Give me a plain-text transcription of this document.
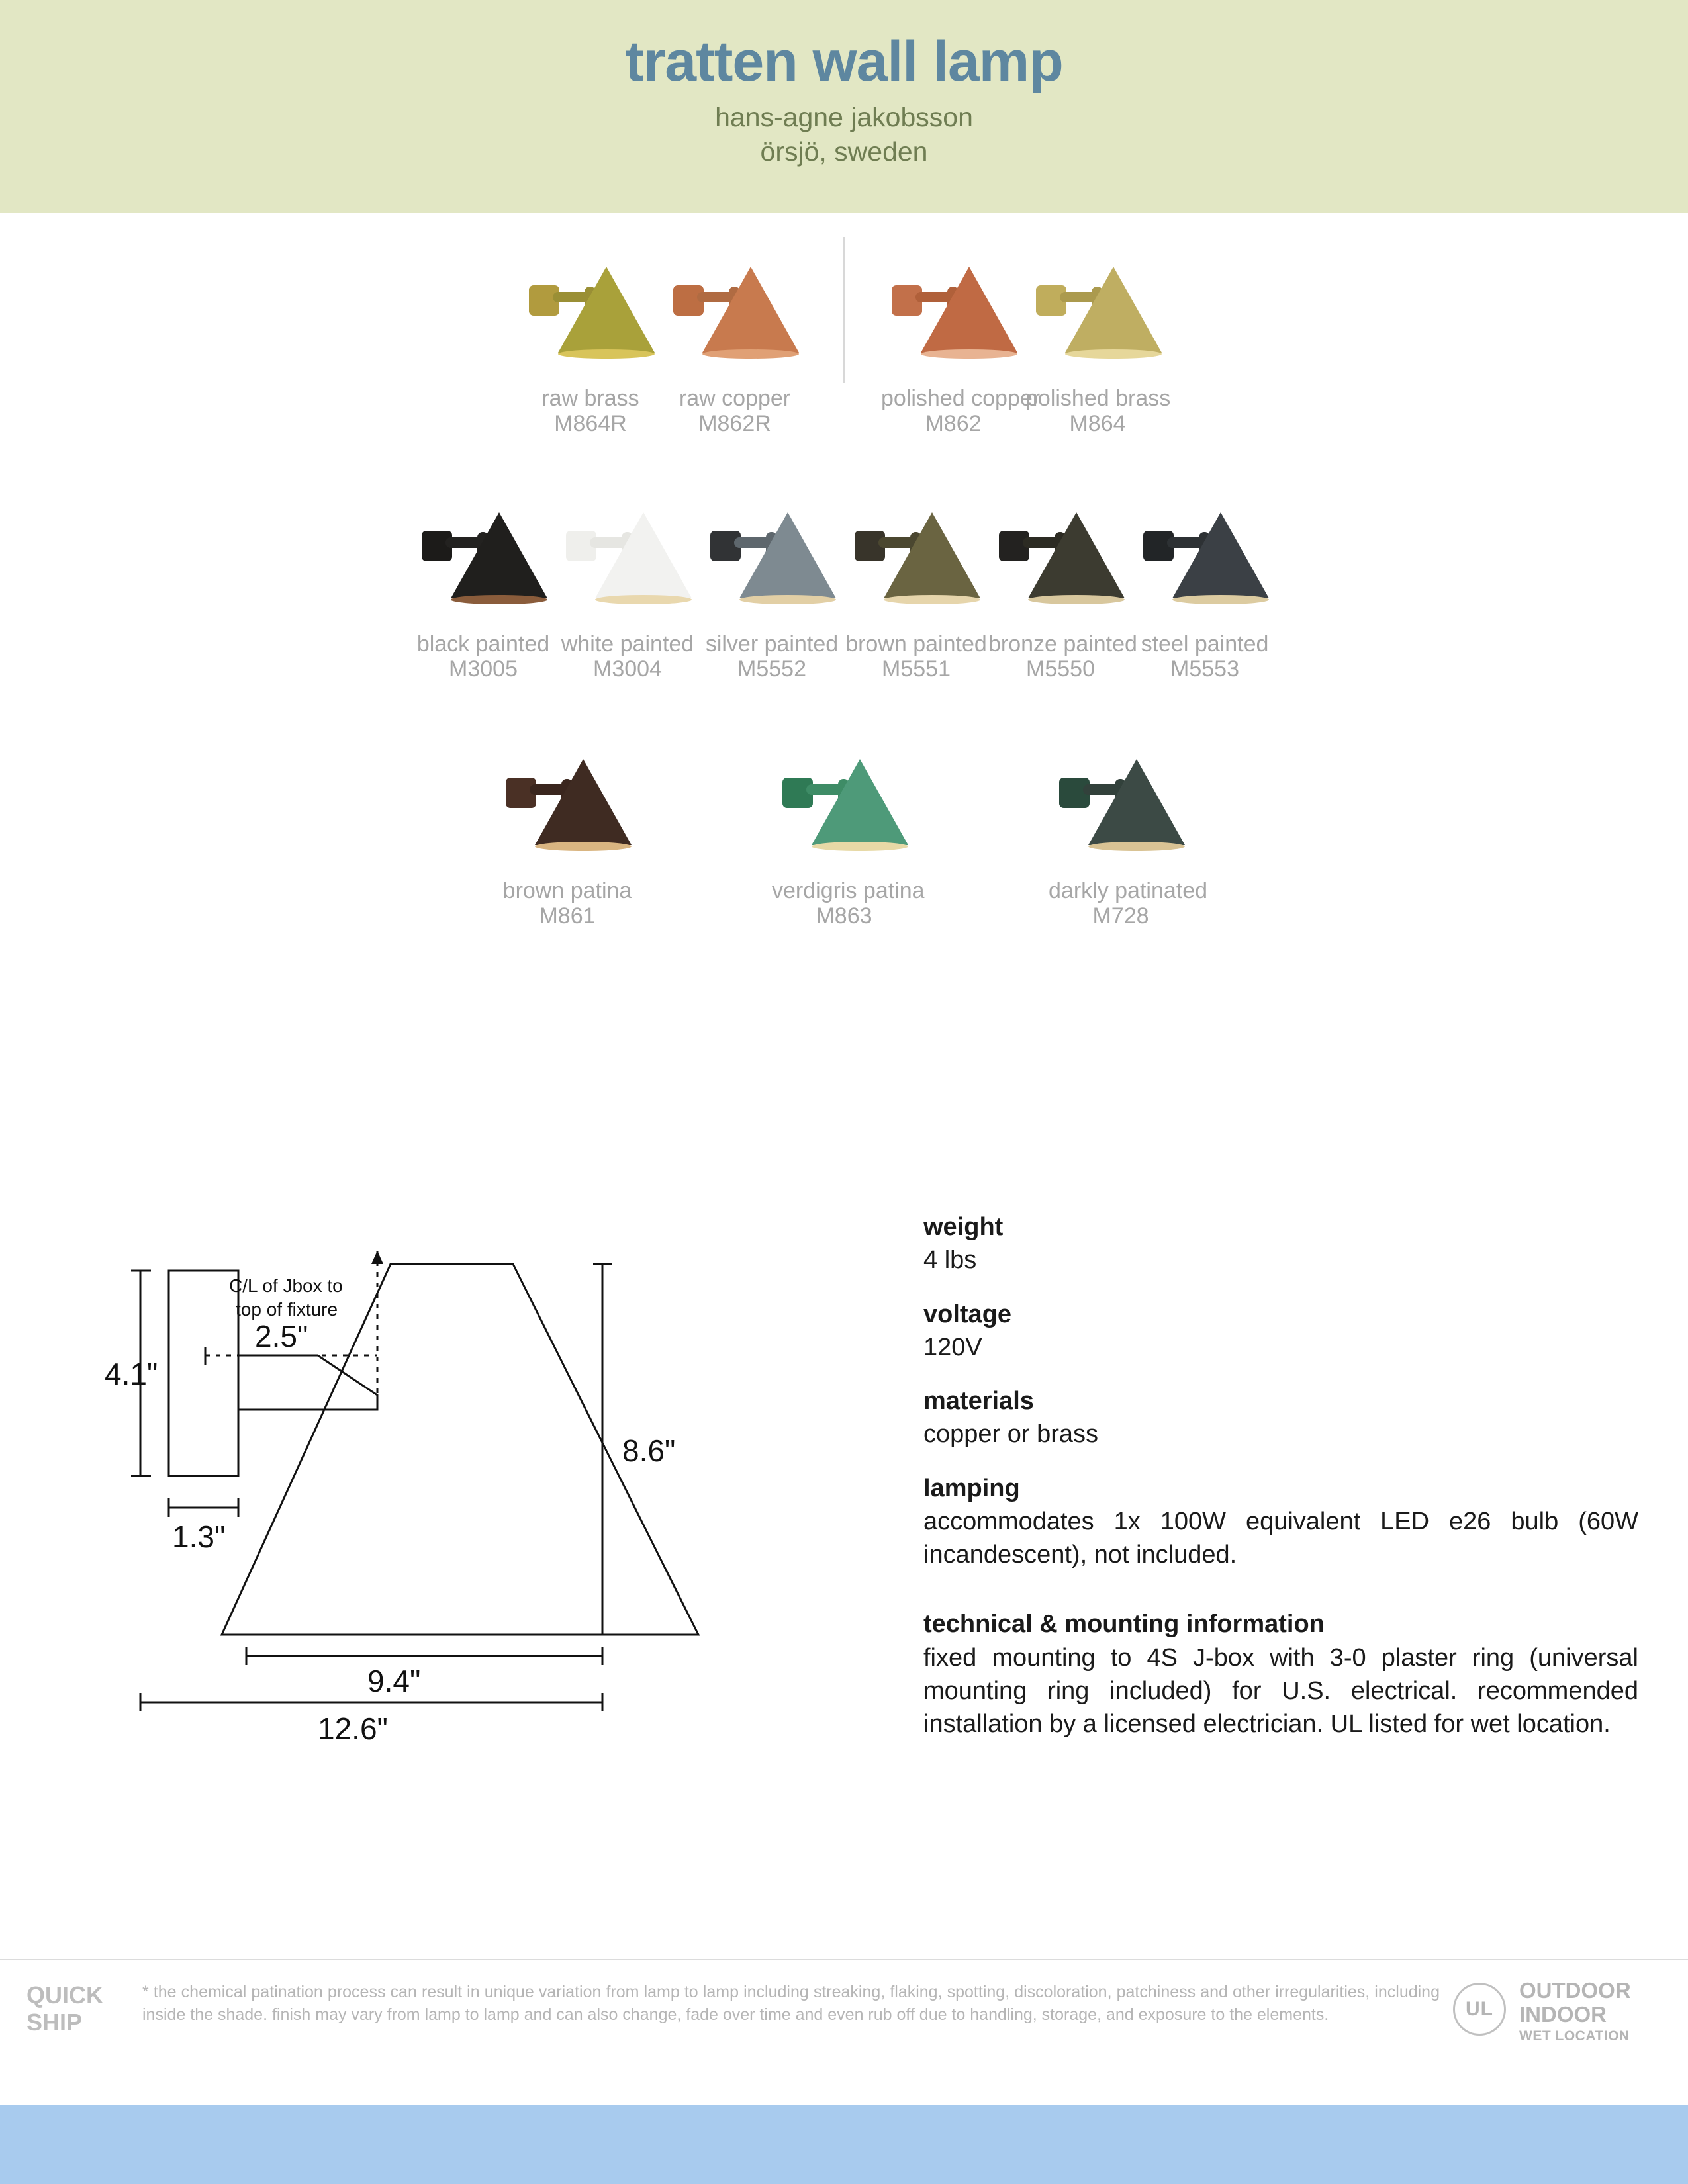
tratten wall lamp

hans-agne jakobsson

örsjö, sweden

raw brass
M864R
raw copper
M862R
polished copper
M862
polished brass
M864
black painted
M3005
white painted
M3004
silver painted
M5552
brown painted
M5551
bronze painted
M5550
steel painted
M5553
brown patina
M861
verdigris patina
M863
darkly patinated
M728
4.1"
1.3"
2.5"
C/L of Jbox to
top of fixture
8.6"
9.4"
12.6"
weight
4 lbs
voltage
120V
materials
copper or brass
lamping
accommodates 1x 100W equivalent LED e26 bulb (60W incandescent), not included.
technical & mounting information
fixed mounting to 4S J-box with 3-0 plaster ring (universal mounting ring included) for U.S. electrical. recommended installation by a licensed electrician. UL listed for wet location.
QUICK
SHIP
* the chemical patination process can result in unique variation from lamp to lamp including streaking, flaking, spotting, discoloration, patchiness and other irregularities, including inside the shade. finish may vary from lamp to lamp and can also change, fade over time and even rub off due to handling, storage, and exposure to the elements.	UL
OUTDOOR
INDOOR
WET LOCATION
